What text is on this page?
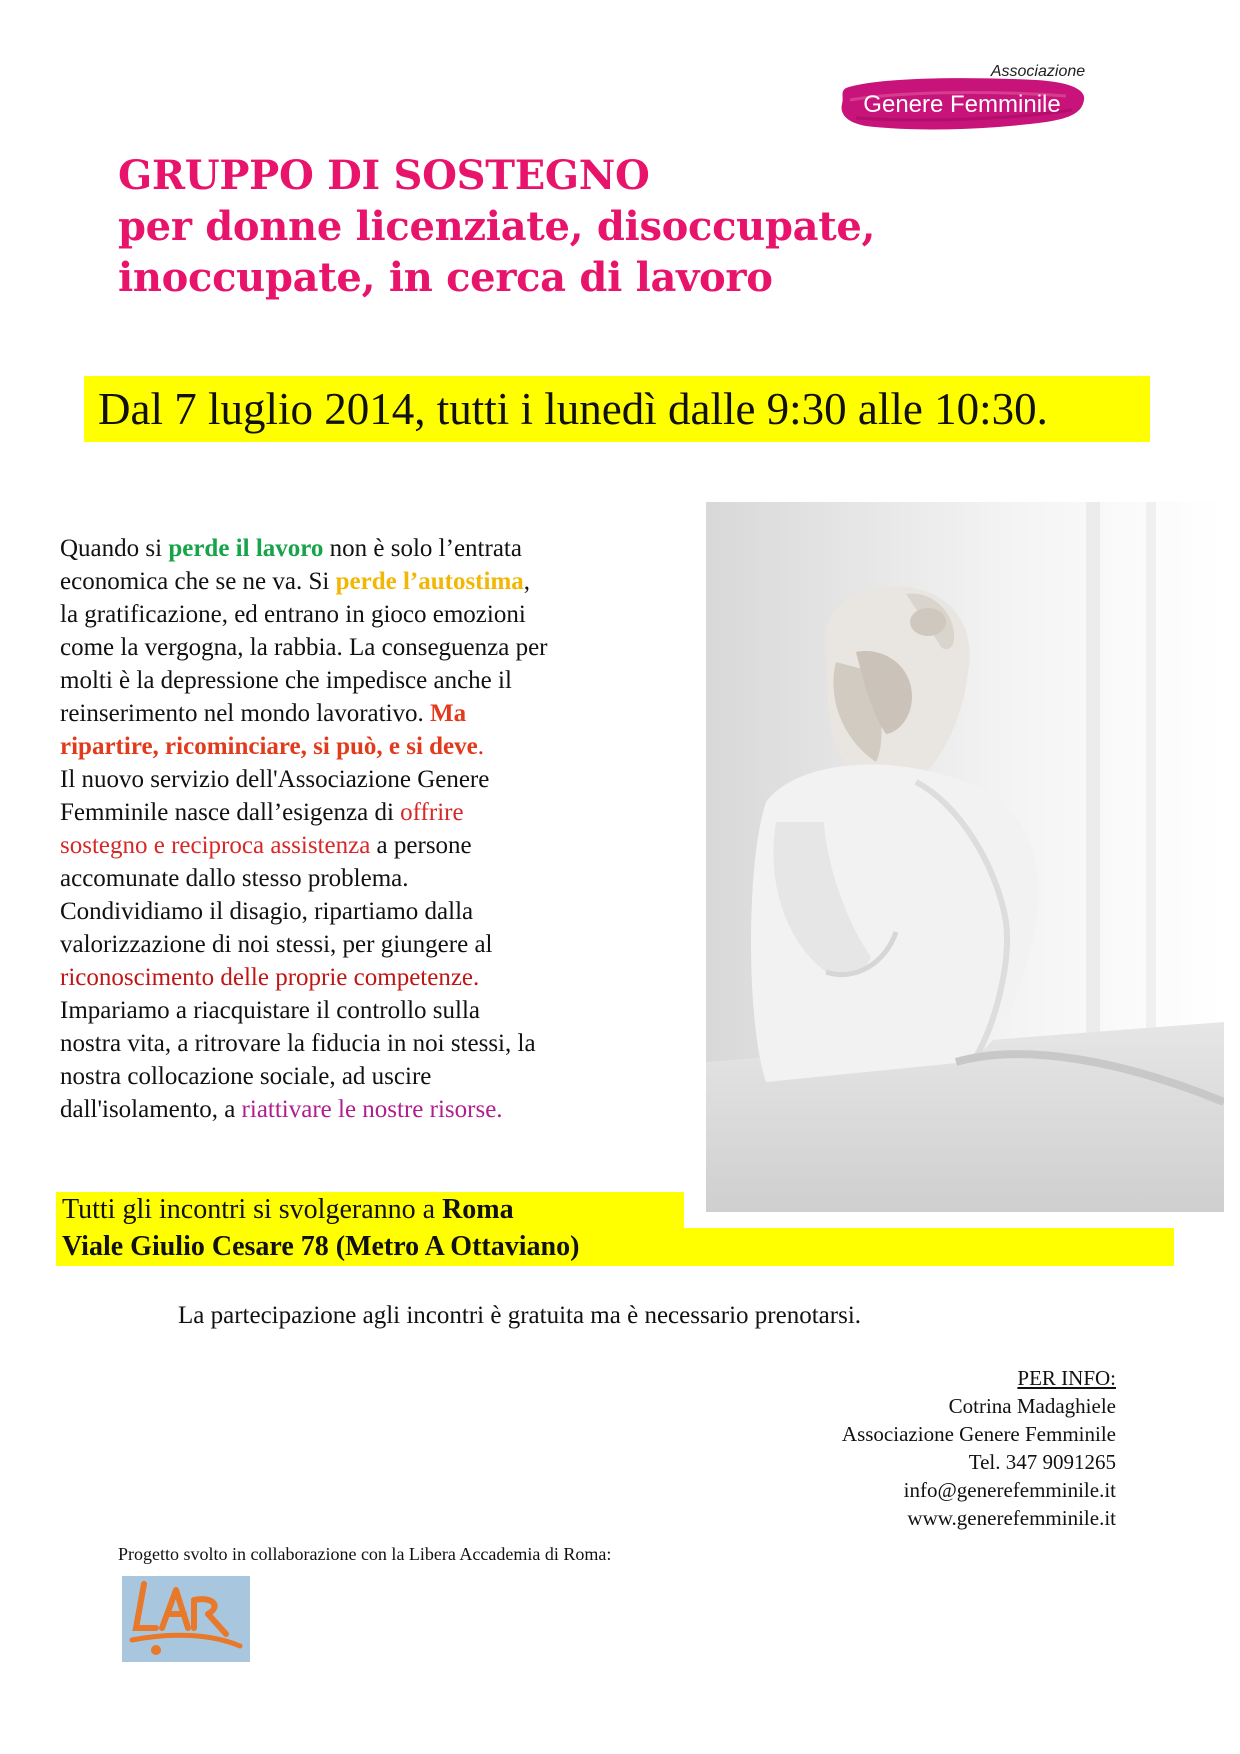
Associazione
Genere Femminile
GRUPPO DI SOSTEGNO
per donne licenziate, disoccupate,
inoccupate, in cerca di lavoro
Dal 7 luglio 2014, tutti i lunedì dalle 9:30 alle 10:30.
Quando si perde il lavoro non è solo l’entrata
economica che se ne va. Si perde l’autostima,
la gratificazione, ed entrano in gioco emozioni
come la vergogna, la rabbia. La conseguenza per
molti è la depressione che impedisce anche il
reinserimento nel mondo lavorativo. Ma
ripartire, ricominciare, si può, e si deve.
Il nuovo servizio dell'Associazione Genere
Femminile nasce dall’esigenza di offrire
sostegno e reciproca assistenza a persone
accomunate dallo stesso problema.
Condividiamo il disagio, ripartiamo dalla
valorizzazione di noi stessi, per giungere al
riconoscimento delle proprie competenze.
Impariamo a riacquistare il controllo sulla
nostra vita, a ritrovare la fiducia in noi stessi, la
nostra collocazione sociale, ad uscire
dall'isolamento, a riattivare le nostre risorse.
Tutti gli incontri si svolgeranno a Roma
Viale Giulio Cesare 78 (Metro A Ottaviano)
La partecipazione agli incontri è gratuita ma è necessario prenotarsi.
PER INFO:
Cotrina Madaghiele
Associazione Genere Femminile
Tel. 347 9091265
info@generefemminile.it
www.generefemminile.it
Progetto svolto in collaborazione con la Libera Accademia di Roma:
LAR
